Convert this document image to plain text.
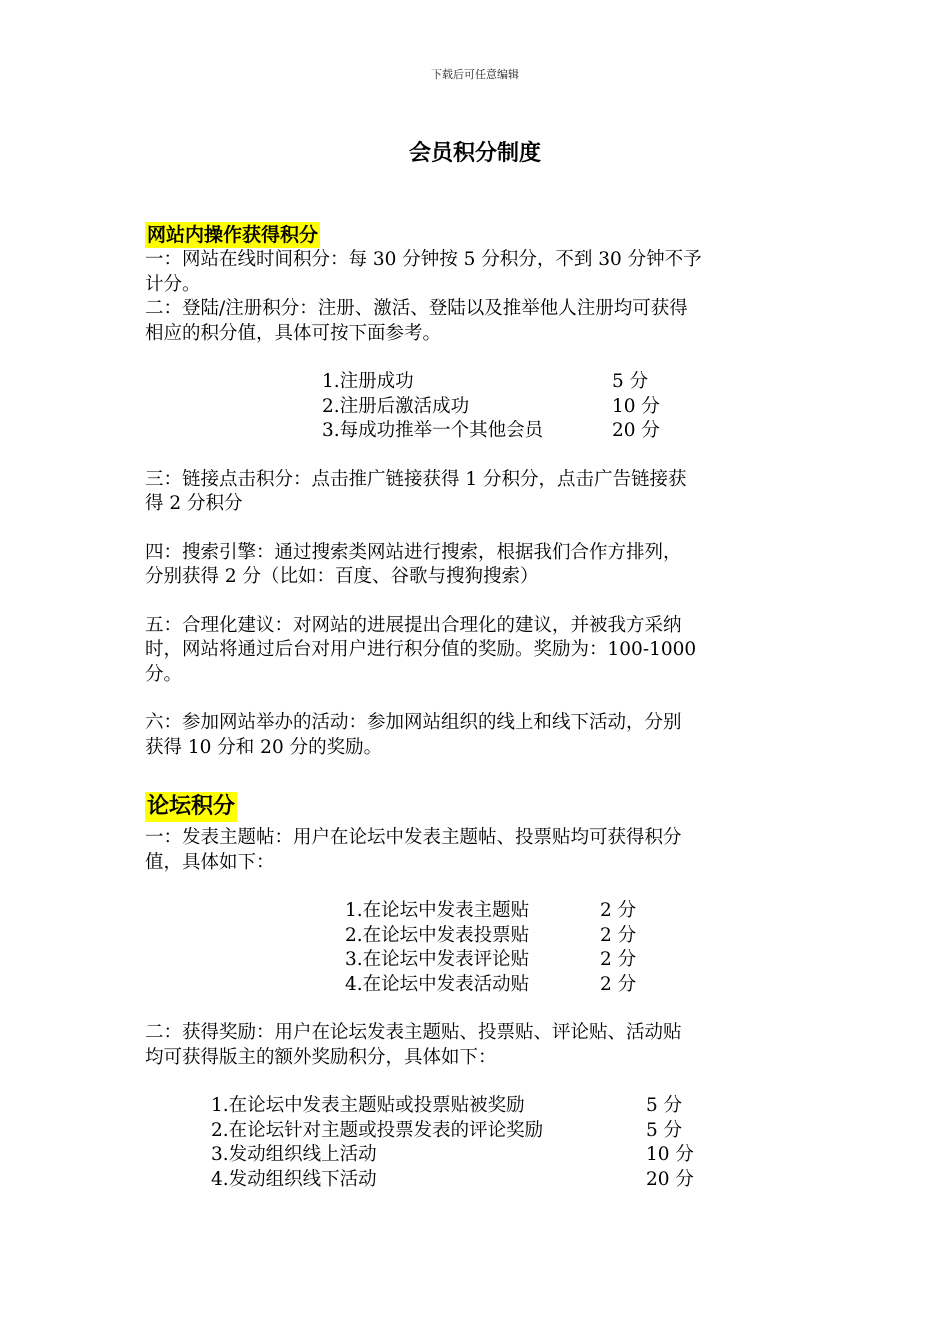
下载后可任意编辑
会员积分制度
网站内操作获得积分

一：网站在线时间积分：每 30 分钟按 5 分积分，不到 30 分钟不予
计分。

二：登陆/注册积分：注册、激活、登陆以及推举他人注册均可获得
相应的积分值，具体可按下面参考。

1.注册成功	5 分
2.注册后激活成功	10 分
3.每成功推举一个其他会员	20 分

三：链接点击积分：点击推广链接获得 1 分积分，点击广告链接获
得 2 分积分

四：搜索引擎：通过搜索类网站进行搜索，根据我们合作方排列，
分别获得 2 分（比如：百度、谷歌与搜狗搜索）

五：合理化建议：对网站的进展提出合理化的建议，并被我方采纳
时，网站将通过后台对用户进行积分值的奖励。奖励为：100-1000
分。

六：参加网站举办的活动：参加网站组织的线上和线下活动，分别
获得 10 分和 20 分的奖励。

论坛积分

一：发表主题帖：用户在论坛中发表主题帖、投票贴均可获得积分
值，具体如下：

1.在论坛中发表主题贴	2 分
2.在论坛中发表投票贴	2 分
3.在论坛中发表评论贴	2 分
4.在论坛中发表活动贴	2 分

二：获得奖励：用户在论坛发表主题贴、投票贴、评论贴、活动贴
均可获得版主的额外奖励积分，具体如下：

1.在论坛中发表主题贴或投票贴被奖励	5 分
2.在论坛针对主题或投票发表的评论奖励	5 分
3.发动组织线上活动	10 分
4.发动组织线下活动	20 分
